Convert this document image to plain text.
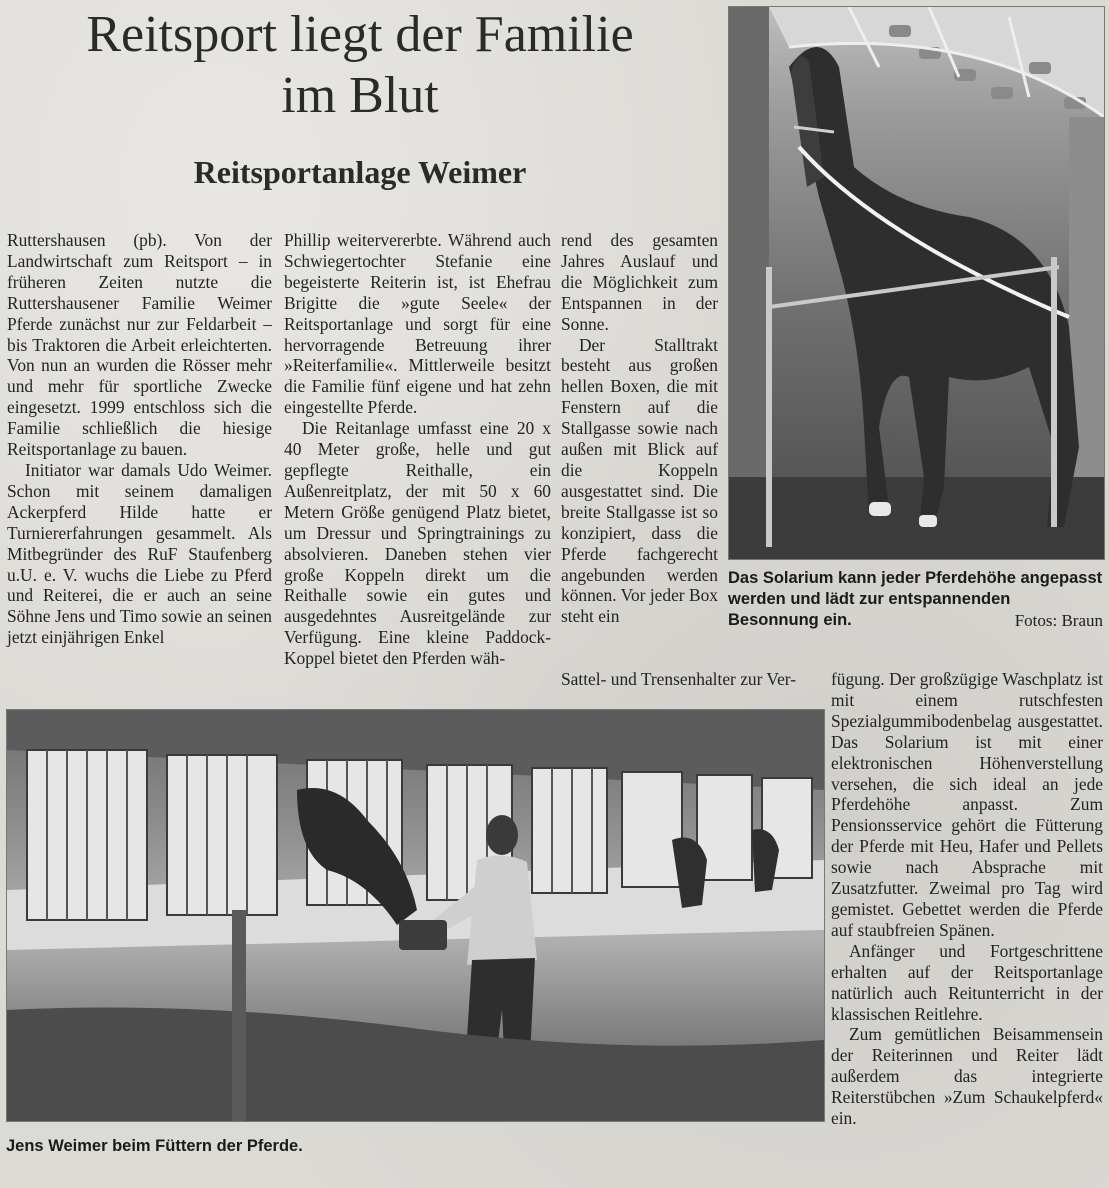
Reitsport liegt der Familie
im Blut
Reitsportanlage Weimer

Ruttershausen (pb). Von der Landwirtschaft zum Reitsport – in früheren Zeiten nutzte die Ruttershausener Familie Weimer Pferde zunächst nur zur Feldarbeit – bis Traktoren die Arbeit erleichterten. Von nun an wurden die Rösser mehr und mehr für sportliche Zwecke eingesetzt. 1999 entschloss sich die Familie schließlich die hiesige Reitsportanlage zu bauen.

Initiator war damals Udo Weimer. Schon mit seinem damaligen Ackerpferd Hilde hatte er Turniererfahrungen gesammelt. Als Mitbegründer des RuF Staufenberg u.U. e. V. wuchs die Liebe zu Pferd und Reiterei, die er auch an seine Söhne Jens und Timo sowie an seinen jetzt einjährigen Enkel

Phillip weitervererbte. Während auch Schwiegertochter Stefanie eine begeisterte Reiterin ist, ist Ehefrau Brigitte die »gute Seele« der Reitsportanlage und sorgt für eine hervorragende Betreuung ihrer »Reiterfamilie«. Mittlerweile besitzt die Familie fünf eigene und hat zehn eingestellte Pferde.

Die Reitanlage umfasst eine 20 x 40 Meter große, helle und gut gepflegte Reithalle, ein Außenreitplatz, der mit 50 x 60 Metern Größe genügend Platz bietet, um Dressur und Springtrainings zu absolvieren. Daneben stehen vier große Koppeln direkt um die Reithalle sowie ein gutes und ausgedehntes Ausreitgelände zur Verfügung. Eine kleine Paddock-Koppel bietet den Pferden wäh-

rend des gesamten Jahres Auslauf und die Möglichkeit zum Entspannen in der Sonne.

Der Stalltrakt besteht aus großen hellen Boxen, die mit Fenstern auf die Stallgasse sowie nach außen mit Blick auf die Koppeln ausgestattet sind. Die breite Stallgasse ist so konzipiert, dass die Pferde fachgerecht angebunden werden können. Vor jeder Box steht ein

Sattel- und Trensenhalter zur Ver-	fügung. Der großzügige Waschplatz ist mit einem rutschfesten Spezialgummibodenbelag ausgestattet. Das Solarium ist mit einer elektronischen Höhenverstellung versehen, die sich ideal an jede Pferdehöhe anpasst. Zum Pensionsservice gehört die Fütterung der Pferde mit Heu, Hafer und Pellets sowie nach Absprache mit Zusatzfutter. Zweimal pro Tag wird gemistet. Gebettet werden die Pferde auf staubfreien Spänen.

Anfänger und Fortgeschrittene erhalten auf der Reitsportanlage natürlich auch Reitunterricht in der klassischen Reitlehre.

Zum gemütlichen Beisammensein der Reiterinnen und Reiter lädt außerdem das integrierte Reiterstübchen »Zum Schaukelpferd« ein.

Das Solarium kann jeder Pferdehöhe angepasst werden und lädt zur entspannenden Besonnung ein.	Fotos: Braun
Jens Weimer beim Füttern der Pferde.
